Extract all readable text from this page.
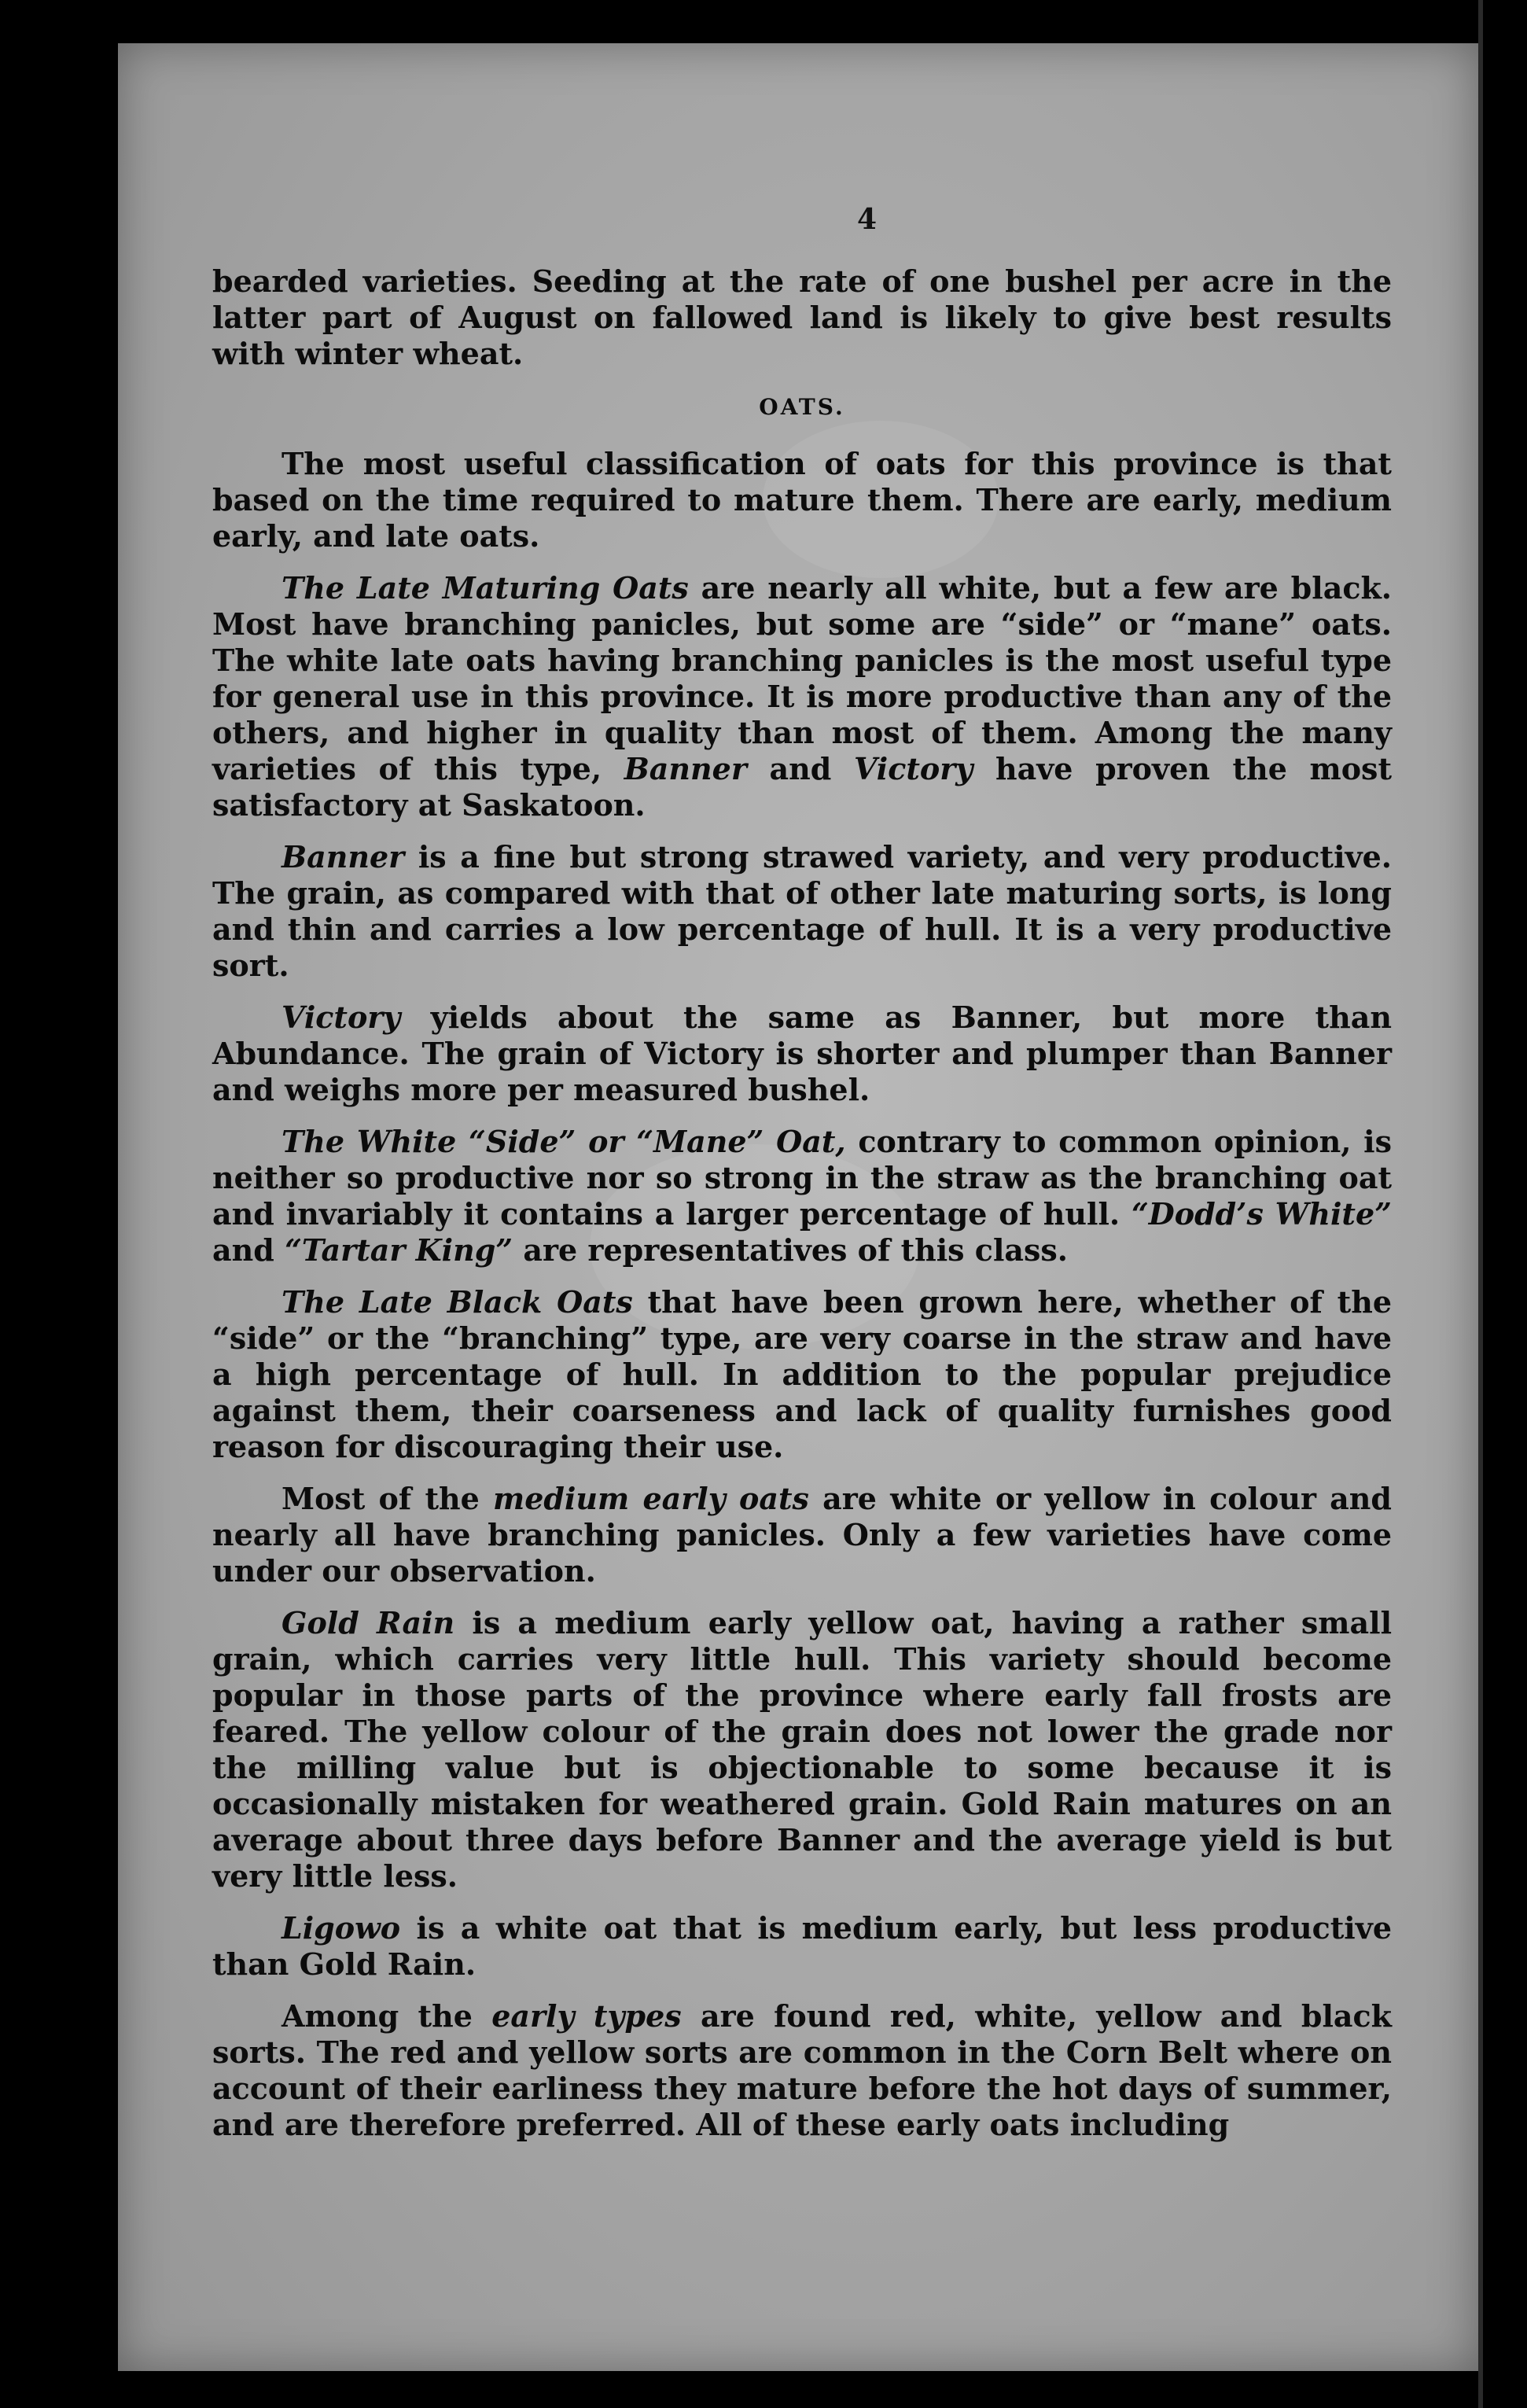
4

bearded varieties. Seeding at the rate of one bushel per acre in the latter part of August on fallowed land is likely to give best results with winter wheat.

OATS.

The most useful classification of oats for this province is that based on the time required to mature them. There are early, medium early, and late oats.

The Late Maturing Oats are nearly all white, but a few are black. Most have branching panicles, but some are “side” or “mane” oats. The white late oats having branching panicles is the most useful type for general use in this province. It is more productive than any of the others, and higher in quality than most of them. Among the many varieties of this type, Banner and Victory have proven the most satisfactory at Saskatoon.

Banner is a fine but strong strawed variety, and very productive. The grain, as compared with that of other late maturing sorts, is long and thin and carries a low percentage of hull. It is a very productive sort.

Victory yields about the same as Banner, but more than Abundance. The grain of Victory is shorter and plumper than Banner and weighs more per measured bushel.

The White “Side” or “Mane” Oat, contrary to common opinion, is neither so productive nor so strong in the straw as the branching oat and invariably it contains a larger percentage of hull. “Dodd’s White” and “Tartar King” are representatives of this class.

The Late Black Oats that have been grown here, whether of the “side” or the “branching” type, are very coarse in the straw and have a high percentage of hull. In addition to the popular prejudice against them, their coarseness and lack of quality furnishes good reason for discouraging their use.

Most of the medium early oats are white or yellow in colour and nearly all have branching panicles. Only a few varieties have come under our observation.

Gold Rain is a medium early yellow oat, having a rather small grain, which carries very little hull. This variety should become popular in those parts of the province where early fall frosts are feared. The yellow colour of the grain does not lower the grade nor the milling value but is objectionable to some because it is occasionally mistaken for weathered grain. Gold Rain matures on an average about three days before Banner and the average yield is but very little less.

Ligowo is a white oat that is medium early, but less productive than Gold Rain.

Among the early types are found red, white, yellow and black sorts. The red and yellow sorts are common in the Corn Belt where on account of their earliness they mature before the hot days of summer, and are therefore preferred. All of these early oats including
